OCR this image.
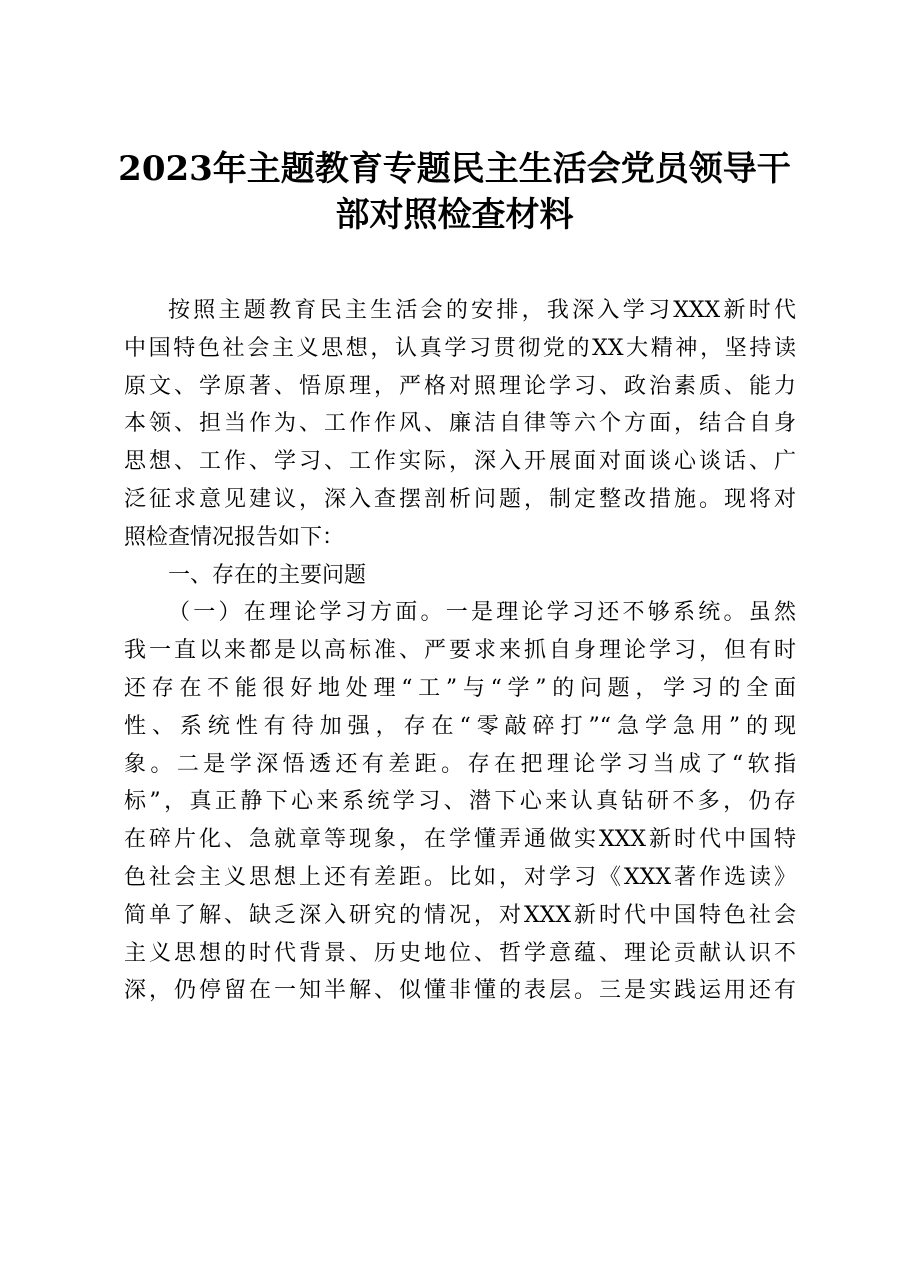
2023年主题教育专题民主生活会党员领导干
部对照检查材料
按照主题教育民主生活会的安排，我深入学习XXX新时代
中国特色社会主义思想，认真学习贯彻党的XX大精神，坚持读
原文、学原著、悟原理，严格对照理论学习、政治素质、能力
本领、担当作为、工作作风、廉洁自律等六个方面，结合自身
思想、工作、学习、工作实际，深入开展面对面谈心谈话、广
泛征求意见建议，深入查摆剖析问题，制定整改措施。现将对
照检查情况报告如下：
一、存在的主要问题
（一）在理论学习方面。一是理论学习还不够系统。虽然
我一直以来都是以高标准、严要求来抓自身理论学习，但有时
还存在不能很好地处理“工”与“学”的问题，学习的全面
性、系统性有待加强，存在“零敲碎打”“急学急用”的现
象。二是学深悟透还有差距。存在把理论学习当成了“软指
标”，真正静下心来系统学习、潜下心来认真钻研不多，仍存
在碎片化、急就章等现象，在学懂弄通做实XXX新时代中国特
色社会主义思想上还有差距。比如，对学习《XXX著作选读》
简单了解、缺乏深入研究的情况，对XXX新时代中国特色社会
主义思想的时代背景、历史地位、哲学意蕴、理论贡献认识不
深，仍停留在一知半解、似懂非懂的表层。三是实践运用还有
